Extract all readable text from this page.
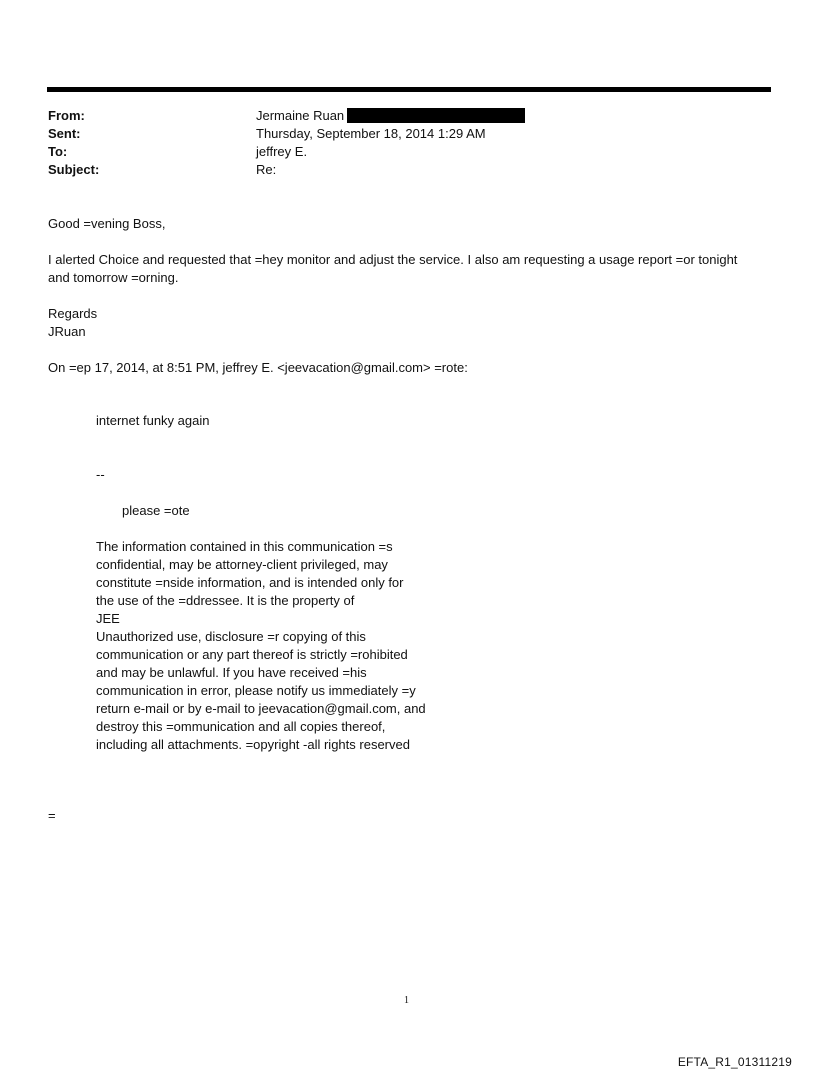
From:	Jermaine Ruan
Sent:	Thursday, September 18, 2014 1:29 AM
To:	jeffrey E.
Subject:	Re:
Good =vening Boss,
I alerted Choice and requested that =hey monitor and adjust the service. I also am requesting a usage report =or tonight
and tomorrow =orning.
Regards
JRuan
On =ep 17, 2014, at 8:51 PM, jeffrey E. <jeevacation@gmail.com> =rote:
internet funky again
--
please =ote
The information contained in this communication =s
confidential, may be attorney-client privileged, may
constitute =nside information, and is intended only for
the use of the =ddressee. It is the property of
JEE
Unauthorized use, disclosure =r copying of this
communication or any part thereof is strictly =rohibited
and may be unlawful. If you have received =his
communication in error, please notify us immediately =y
return e-mail or by e-mail to jeevacation@gmail.com, and
destroy this =ommunication and all copies thereof,
including all attachments. =opyright -all rights reserved
=
1
EFTA_R1_01311219
